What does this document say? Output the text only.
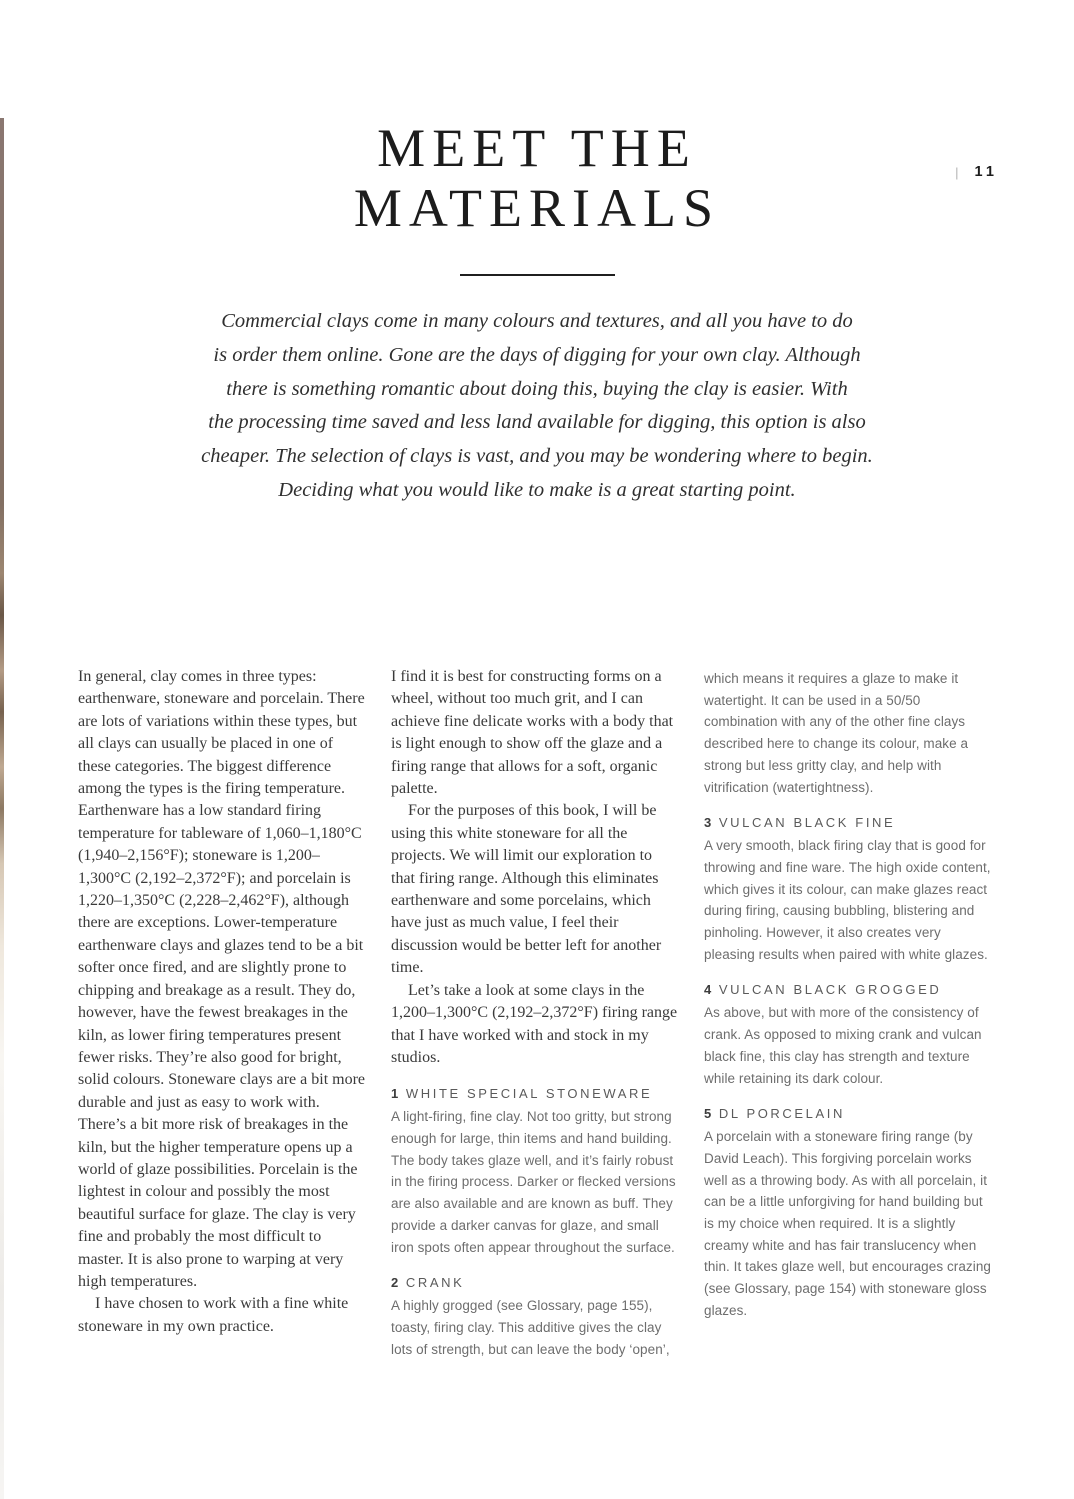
| 11
MEET THE
MATERIALS
Commercial clays come in many colours and textures, and all you have to do
is order them online. Gone are the days of digging for your own clay. Although
there is something romantic about doing this, buying the clay is easier. With
the processing time saved and less land available for digging, this option is also
cheaper. The selection of clays is vast, and you may be wondering where to begin.
Deciding what you would like to make is a great starting point.

In general, clay comes in three types: earthenware, stoneware and porcelain. There are lots of variations within these types, but all clays can usually be placed in one of these categories. The biggest difference among the types is the firing temperature. Earthenware has a low standard firing temperature for tableware of 1,060–1,180°C (1,940–2,156°F); stoneware is 1,200–1,300°C (2,192–2,372°F); and porcelain is 1,220–1,350°C (2,228–2,462°F), although there are exceptions. Lower-temperature earthenware clays and glazes tend to be a bit softer once fired, and are slightly prone to chipping and breakage as a result. They do, however, have the fewest breakages in the kiln, as lower firing temperatures present fewer risks. They’re also good for bright, solid colours. Stoneware clays are a bit more durable and just as easy to work with. There’s a bit more risk of breakages in the kiln, but the higher temperature opens up a world of glaze possibilities. Porcelain is the lightest in colour and possibly the most beautiful surface for glaze. The clay is very fine and probably the most difficult to master. It is also prone to warping at very high temperatures.

I have chosen to work with a fine white stoneware in my own practice.

I find it is best for constructing forms on a wheel, without too much grit, and I can achieve fine delicate works with a body that is light enough to show off the glaze and a firing range that allows for a soft, organic palette.

For the purposes of this book, I will be using this white stoneware for all the projects. We will limit our exploration to that firing range. Although this eliminates earthenware and some porcelains, which have just as much value, I feel their discussion would be better left for another time.

Let’s take a look at some clays in the 1,200–1,300°C (2,192–2,372°F) firing range that I have worked with and stock in my studios.

1 WHITE SPECIAL STONEWARE
A light-firing, fine clay. Not too gritty, but strong enough for large, thin items and hand building. The body takes glaze well, and it’s fairly robust in the firing process. Darker or flecked versions are also available and are known as buff. They provide a darker canvas for glaze, and small iron spots often appear throughout the surface.
2 CRANK
A highly grogged (see Glossary, page 155), toasty, firing clay. This additive gives the clay lots of strength, but can leave the body ‘open’,
which means it requires a glaze to make it watertight. It can be used in a 50/50 combination with any of the other fine clays described here to change its colour, make a strong but less gritty clay, and help with vitrification (watertightness).
3 VULCAN BLACK FINE
A very smooth, black firing clay that is good for throwing and fine ware. The high oxide content, which gives it its colour, can make glazes react during firing, causing bubbling, blistering and pinholing. However, it also creates very pleasing results when paired with white glazes.
4 VULCAN BLACK GROGGED
As above, but with more of the consistency of crank. As opposed to mixing crank and vulcan black fine, this clay has strength and texture while retaining its dark colour.
5 DL PORCELAIN
A porcelain with a stoneware firing range (by David Leach). This forgiving porcelain works well as a throwing body. As with all porcelain, it can be a little unforgiving for hand building but is my choice when required. It is a slightly creamy white and has fair translucency when thin. It takes glaze well, but encourages crazing (see Glossary, page 154) with stoneware gloss glazes.
